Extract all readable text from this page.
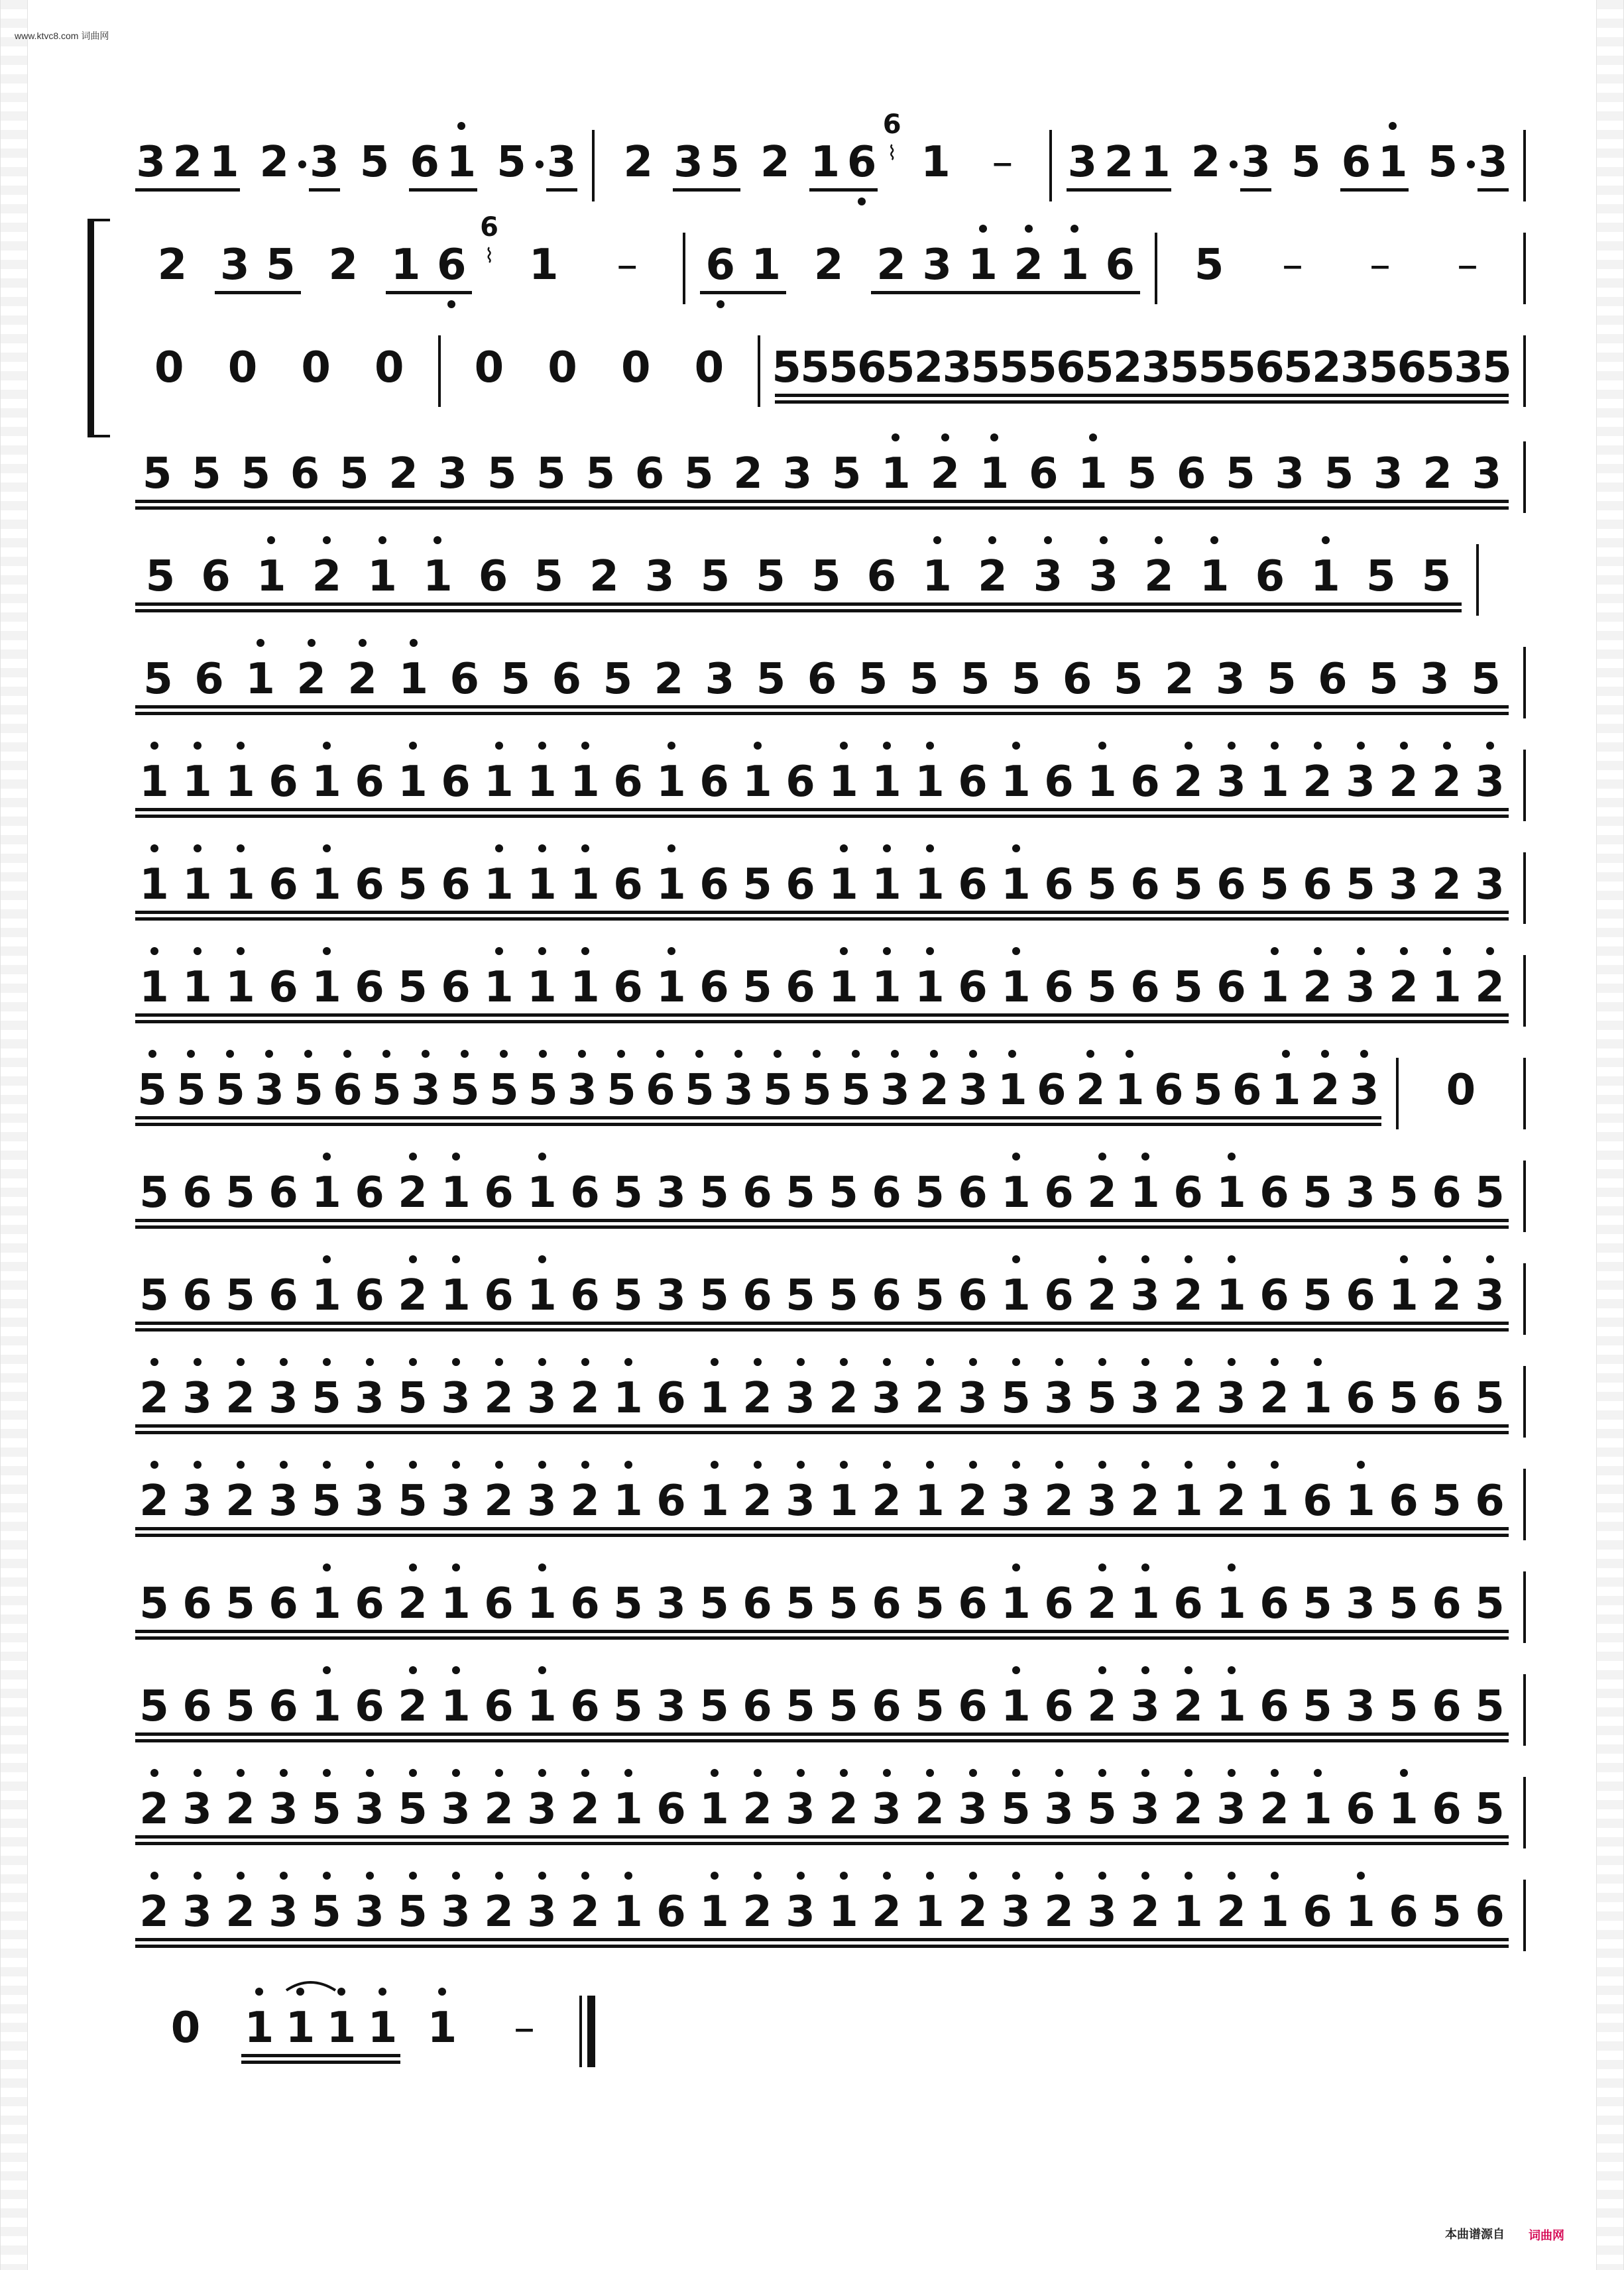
www.ktvc8.com 词曲网
3 2 1 2 3 5 6 1 5 3 2 3 5 2 1 6
6
⌇ 1 –	3 2 1 2 3 5 6 1 5 3
2 3 5 2 1 6
6
⌇ 1	–	6 1 2 2 3 1 2 1 6 5	–	–	–
0 0 0 0 0 0 0 0 5
5
5
6
5
2
3
5
5
5
6
5
2
3
5
5
5
6
5
2
3
5
6
5
3
5
5 5 5 6 5 2 3 5 5 5 6 5 2 3 5 1 2 1 6 1 5 6 5 3 5 3 2 3
5 6 1 2 1 1 6 5 2 3 5 5 5 6 1 2 3 3 2 1 6 1 5 5
5 6 1 2 2 1 6 5 6 5 2 3 5 6 5 5 5 5 6 5 2 3 5 6 5 3 5
1 1 1 6 1 6 1 6 1 1 1 6 1 6 1 6 1 1 1 6 1 6 1 6 2 3 1 2 3 2 2 3
1 1 1 6 1 6 5 6 1 1 1 6 1 6 5 6 1 1 1 6 1 6 5 6 5 6 5 6 5 3 2 3
1 1 1 6 1 6 5 6 1 1 1 6 1 6 5 6 1 1 1 6 1 6 5 6 5 6 1 2 3 2 1 2
5 5 5 3 5 6 5 3 5 5 5 3 5 6 5 3 5 5 5 3 2 3 1 6 2 1 6 5 6 1 2 3 0
5 6 5 6 1 6 2 1 6 1 6 5 3 5 6 5 5 6 5 6 1 6 2 1 6 1 6 5 3 5 6 5
5 6 5 6 1 6 2 1 6 1 6 5 3 5 6 5 5 6 5 6 1 6 2 3 2 1 6 5 6 1 2 3
2 3 2 3 5 3 5 3 2 3 2 1 6 1 2 3 2 3 2 3 5 3 5 3 2 3 2 1 6 5 6 5
2 3 2 3 5 3 5 3 2 3 2 1 6 1 2 3 1 2 1 2 3 2 3 2 1 2 1 6 1 6 5 6
5 6 5 6 1 6 2 1 6 1 6 5 3 5 6 5 5 6 5 6 1 6 2 1 6 1 6 5 3 5 6 5
5 6 5 6 1 6 2 1 6 1 6 5 3 5 6 5 5 6 5 6 1 6 2 3 2 1 6 5 3 5 6 5
2 3 2 3 5 3 5 3 2 3 2 1 6 1 2 3 2 3 2 3 5 3 5 3 2 3 2 1 6 1 6 5
2 3 2 3 5 3 5 3 2 3 2 1 6 1 2 3 1 2 1 2 3 2 3 2 1 2 1 6 1 6 5 6
0 1 1 1 1 1	–
本曲谱源自 词曲网
